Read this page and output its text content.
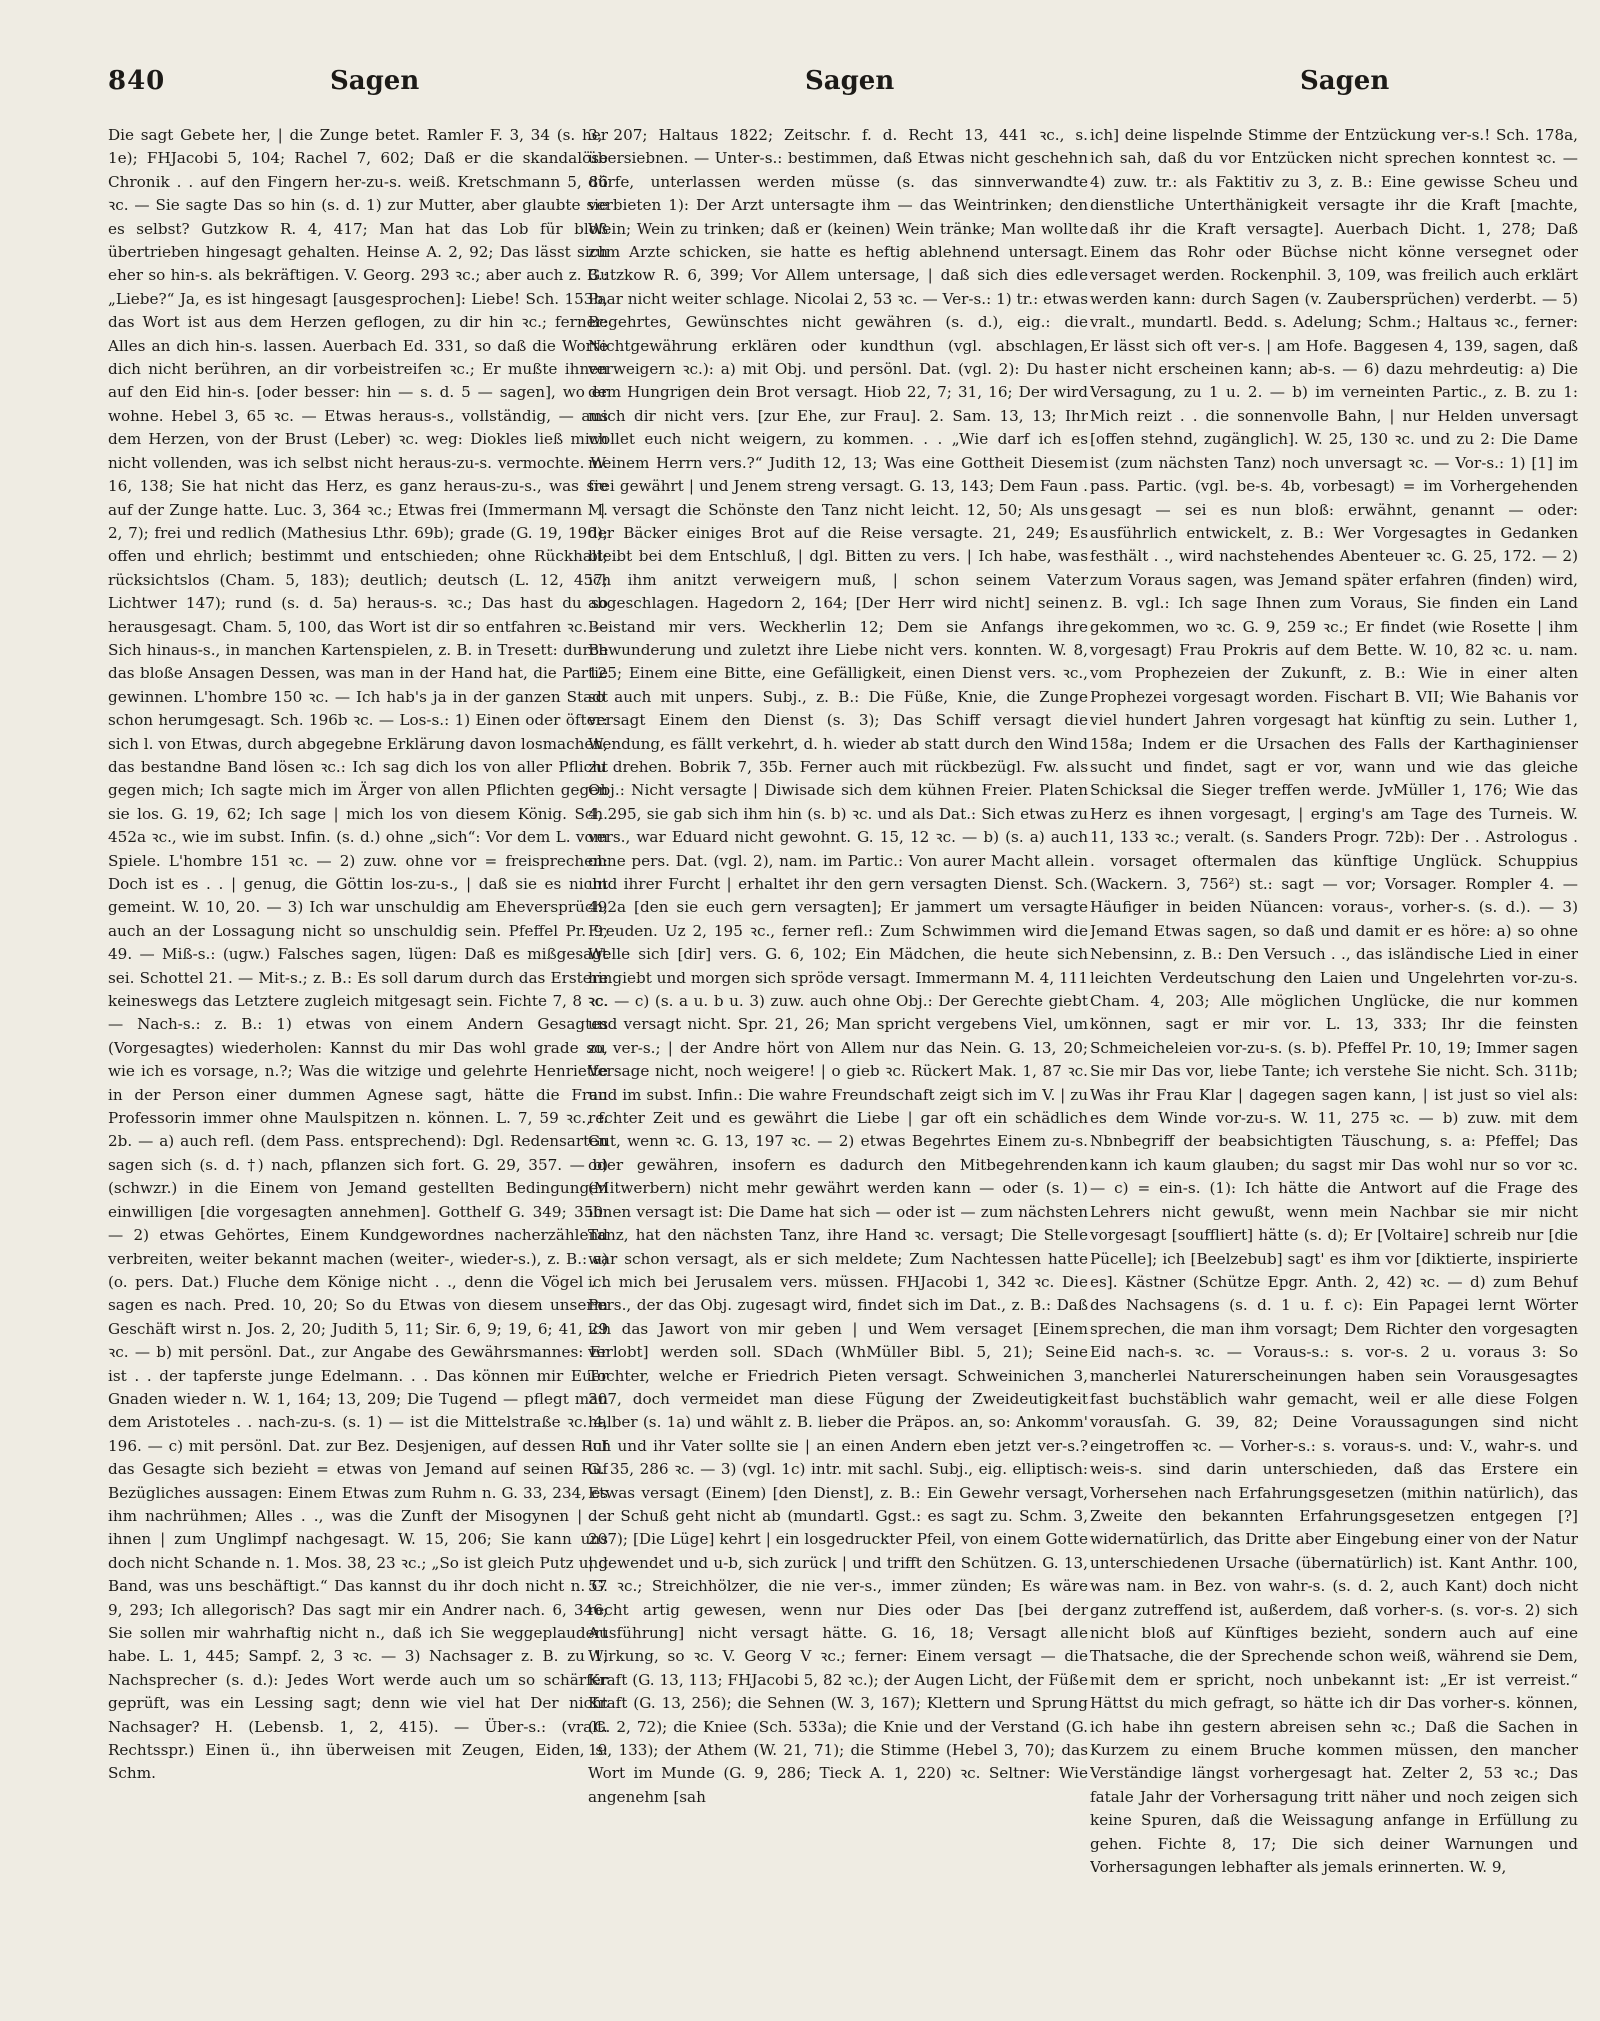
840	Sagen	Sagen	Sagen

Die sagt Gebete her, | die Zunge betet. Ramler F. 3, 34 (s. her 1e); FHJacobi 5, 104; Rachel 7, 602; Daß er die skandalöse Chronik . . auf den Fingern her-zu-s. weiß. Kretschmann 5, 86 ꝛc. — Sie sagte Das so hin (s. d. 1) zur Mutter, aber glaubte sie es selbst? Gutzkow R. 4, 417; Man hat das Lob für bloß übertrieben hingesagt gehalten. Heinse A. 2, 92; Das lässt sich eher so hin-s. als bekräftigen. V. Georg. 293 ꝛc.; aber auch z. B.: „Liebe?“ Ja, es ist hingesagt [ausgesprochen]: Liebe! Sch. 153b, das Wort ist aus dem Herzen geflogen, zu dir hin ꝛc.; ferner: Alles an dich hin-s. lassen. Auerbach Ed. 331, so daß die Worte dich nicht berühren, an dir vorbeistreifen ꝛc.; Er mußte ihnen auf den Eid hin-s. [oder besser: hin — s. d. 5 — sagen], wo er wohne. Hebel 3, 65 ꝛc. — Etwas heraus-s., vollständig, — aus dem Herzen, von der Brust (Leber) ꝛc. weg: Diokles ließ mich nicht vollenden, was ich selbst nicht heraus-zu-s. vermochte. W. 16, 138; Sie hat nicht das Herz, es ganz heraus-zu-s., was sie auf der Zunge hatte. Luc. 3, 364 ꝛc.; Etwas frei (Immermann M. 2, 7); frei und redlich (Mathesius Lthr. 69b); grade (G. 19, 190); offen und ehrlich; bestimmt und entschieden; ohne Rückhalt; rücksichtslos (Cham. 5, 183); deutlich; deutsch (L. 12, 457; Lichtwer 147); rund (s. d. 5a) heraus-s. ꝛc.; Das hast du so herausgesagt. Cham. 5, 100, das Wort ist dir so entfahren ꝛc. — Sich hinaus-s., in manchen Kartenspielen, z. B. in Tresett: durch das bloße Ansagen Dessen, was man in der Hand hat, die Partie gewinnen. L'hombre 150 ꝛc. — Ich hab's ja in der ganzen Stadt schon herumgesagt. Sch. 196b ꝛc. — Los-s.: 1) Einen oder öfter: sich l. von Etwas, durch abgegebne Erklärung davon losmachen, das bestandne Band lösen ꝛc.: Ich sag dich los von aller Pflicht gegen mich; Ich sagte mich im Ärger von allen Pflichten gegen sie los. G. 19, 62; Ich sage | mich los von diesem König. Sch. 452a ꝛc., wie im subst. Infin. (s. d.) ohne „sich“: Vor dem L. vom Spiele. L'hombre 151 ꝛc. — 2) zuw. ohne vor = freisprechen: Doch ist es . . | genug, die Göttin los-zu-s., | daß sie es nicht gemeint. W. 10, 20. — 3) Ich war unschuldig am Eheversprüch, auch an der Lossagung nicht so unschuldig sein. Pfeffel Pr. 9, 49. — Miß-s.: (ugw.) Falsches sagen, lügen: Daß es mißgesagt sei. Schottel 21. — Mit-s.; z. B.: Es soll darum durch das Erstere keineswegs das Letztere zugleich mitgesagt sein. Fichte 7, 8 ꝛc. — Nach-s.: z. B.: 1) etwas von einem Andern Gesagtes (Vorgesagtes) wiederholen: Kannst du mir Das wohl grade so, wie ich es vorsage, n.?; Was die witzige und gelehrte Henriette in der Person einer dummen Agnese sagt, hätte die Frau Professorin immer ohne Maulspitzen n. können. L. 7, 59 ꝛc., f. 2b. — a) auch refl. (dem Pass. entsprechend): Dgl. Redensarten sagen sich (s. d. †) nach, pflanzen sich fort. G. 29, 357. — b) (schwzr.) in die Einem von Jemand gestellten Bedingungen einwilligen [die vorgesagten annehmen]. Gotthelf G. 349; 350. — 2) etwas Gehörtes, Einem Kundgewordnes nacherzählend verbreiten, weiter bekannt machen (weiter-, wieder-s.), z. B.: a) (o. pers. Dat.) Fluche dem Könige nicht . ., denn die Vögel . . sagen es nach. Pred. 10, 20; So du Etwas von diesem unserm Geschäft wirst n. Jos. 2, 20; Judith 5, 11; Sir. 6, 9; 19, 6; 41, 29 ꝛc. — b) mit persönl. Dat., zur Angabe des Gewährsmannes: Er ist . . der tapferste junge Edelmann. . . Das können mir Euer Gnaden wieder n. W. 1, 164; 13, 209; Die Tugend — pflegt man dem Aristoteles . . nach-zu-s. (s. 1) — ist die Mittelstraße ꝛc. 4, 196. — c) mit persönl. Dat. zur Bez. Desjenigen, auf dessen Ruf das Gesagte sich bezieht = etwas von Jemand auf seinen Ruf Bezügliches aussagen: Einem Etwas zum Ruhm n. G. 33, 234, es ihm nachrühmen; Alles . ., was die Zunft der Misogynen | . . ihnen | zum Unglimpf nachgesagt. W. 15, 206; Sie kann uns doch nicht Schande n. 1. Mos. 38, 23 ꝛc.; „So ist gleich Putz und Band, was uns beschäftigt.“ Das kannst du ihr doch nicht n. G. 9, 293; Ich allegorisch? Das sagt mir ein Andrer nach. 6, 346; Sie sollen mir wahrhaftig nicht n., daß ich Sie weggeplaudert habe. L. 1, 445; Sampf. 2, 3 ꝛc. — 3) Nachsager z. B. zu 1, Nachsprecher (s. d.): Jedes Wort werde auch um so schärfer geprüft, was ein Lessing sagt; denn wie viel hat Der nicht Nachsager? H. (Lebensb. 1, 2, 415). — Über-s.: (vralt. Rechtsspr.) Einen ü., ihn überweisen mit Zeugen, Eiden, s. Schm.

3, 207; Haltaus 1822; Zeitschr. f. d. Recht 13, 441 ꝛc., s. übersiebnen. — Unter-s.: bestimmen, daß Etwas nicht geschehn dürfe, unterlassen werden müsse (s. das sinnverwandte verbieten 1): Der Arzt untersagte ihm — das Weintrinken; den Wein; Wein zu trinken; daß er (keinen) Wein tränke; Man wollte zum Arzte schicken, sie hatte es heftig ablehnend untersagt. Gutzkow R. 6, 399; Vor Allem untersage, | daß sich dies edle Paar nicht weiter schlage. Nicolai 2, 53 ꝛc. — Ver-s.: 1) tr.: etwas Begehrtes, Gewünschtes nicht gewähren (s. d.), eig.: die Nichtgewährung erklären oder kundthun (vgl. abschlagen, verweigern ꝛc.): a) mit Obj. und persönl. Dat. (vgl. 2): Du hast dem Hungrigen dein Brot versagt. Hiob 22, 7; 31, 16; Der wird mich dir nicht vers. [zur Ehe, zur Frau]. 2. Sam. 13, 13; Ihr wollet euch nicht weigern, zu kommen. . . „Wie darf ich es meinem Herrn vers.?“ Judith 12, 13; Was eine Gottheit Diesem frei gewährt | und Jenem streng versagt. G. 13, 143; Dem Faun . . | versagt die Schönste den Tanz nicht leicht. 12, 50; Als uns der Bäcker einiges Brot auf die Reise versagte. 21, 249; Es bleibt bei dem Entschluß, | dgl. Bitten zu vers. | Ich habe, was ich ihm anitzt verweigern muß, | schon seinem Vater abgeschlagen. Hagedorn 2, 164; [Der Herr wird nicht] seinen Beistand mir vers. Weckherlin 12; Dem sie Anfangs ihre Bewunderung und zuletzt ihre Liebe nicht vers. konnten. W. 8, 125; Einem eine Bitte, eine Gefälligkeit, einen Dienst vers. ꝛc., so auch mit unpers. Subj., z. B.: Die Füße, Knie, die Zunge versagt Einem den Dienst (s. 3); Das Schiff versagt die Wendung, es fällt verkehrt, d. h. wieder ab statt durch den Wind zu drehen. Bobrik 7, 35b. Ferner auch mit rückbezügl. Fw. als Obj.: Nicht versagte | Diwisade sich dem kühnen Freier. Platen 4, 295, sie gab sich ihm hin (s. b) ꝛc. und als Dat.: Sich etwas zu vers., war Eduard nicht gewohnt. G. 15, 12 ꝛc. — b) (s. a) auch ohne pers. Dat. (vgl. 2), nam. im Partic.: Von aurer Macht allein und ihrer Furcht | erhaltet ihr den gern versagten Dienst. Sch. 492a [den sie euch gern versagten]; Er jammert um versagte Freuden. Uz 2, 195 ꝛc., ferner refl.: Zum Schwimmen wird die Welle sich [dir] vers. G. 6, 102; Ein Mädchen, die heute sich hingiebt und morgen sich spröde versagt. Immermann M. 4, 111 ꝛc. — c) (s. a u. b u. 3) zuw. auch ohne Obj.: Der Gerechte giebt und versagt nicht. Spr. 21, 26; Man spricht vergebens Viel, um zu ver-s.; | der Andre hört von Allem nur das Nein. G. 13, 20; Versage nicht, noch weigere! | o gieb ꝛc. Rückert Mak. 1, 87 ꝛc. und im subst. Infin.: Die wahre Freundschaft zeigt sich im V. | zu rechter Zeit und es gewährt die Liebe | gar oft ein schädlich Gut, wenn ꝛc. G. 13, 197 ꝛc. — 2) etwas Begehrtes Einem zu-s. oder gewähren, insofern es dadurch den Mitbegehrenden (Mitwerbern) nicht mehr gewährt werden kann — oder (s. 1) ihnen versagt ist: Die Dame hat sich — oder ist — zum nächsten Tanz, hat den nächsten Tanz, ihre Hand ꝛc. versagt; Die Stelle war schon versagt, als er sich meldete; Zum Nachtessen hatte ich mich bei Jerusalem vers. müssen. FHJacobi 1, 342 ꝛc. Die Pers., der das Obj. zugesagt wird, findet sich im Dat., z. B.: Daß ich das Jawort von mir geben | und Wem versaget [Einem verlobt] werden soll. SDach (WhMüller Bibl. 5, 21); Seine Tochter, welche er Friedrich Pieten versagt. Schweinichen 3, 307, doch vermeidet man diese Fügung der Zweideutigkeit halber (s. 1a) und wählt z. B. lieber die Präpos. an, so: Ankomm' ich und ihr Vater sollte sie | an einen Andern eben jetzt ver-s.? G. 35, 286 ꝛc. — 3) (vgl. 1c) intr. mit sachl. Subj., eig. elliptisch: Etwas versagt (Einem) [den Dienst], z. B.: Ein Gewehr versagt, der Schuß geht nicht ab (mundartl. Ggst.: es sagt zu. Schm. 3, 207); [Die Lüge] kehrt | ein losgedruckter Pfeil, von einem Gotte | gewendet und u-b, sich zurück | und trifft den Schützen. G. 13, 57 ꝛc.; Streichhölzer, die nie ver-s., immer zünden; Es wäre recht artig gewesen, wenn nur Dies oder Das [bei der Ausführung] nicht versagt hätte. G. 16, 18; Versagt alle Wirkung, so ꝛc. V. Georg V ꝛc.; ferner: Einem versagt — die Kraft (G. 13, 113; FHJacobi 5, 82 ꝛc.); der Augen Licht, der Füße Kraft (G. 13, 256); die Sehnen (W. 3, 167); Klettern und Sprung (G. 2, 72); die Kniee (Sch. 533a); die Knie und der Verstand (G. 19, 133); der Athem (W. 21, 71); die Stimme (Hebel 3, 70); das Wort im Munde (G. 9, 286; Tieck A. 1, 220) ꝛc. Seltner: Wie angenehm [sah

ich] deine lispelnde Stimme der Entzückung ver-s.! Sch. 178a, ich sah, daß du vor Entzücken nicht sprechen konntest ꝛc. — 4) zuw. tr.: als Faktitiv zu 3, z. B.: Eine gewisse Scheu und dienstliche Unterthänigkeit versagte ihr die Kraft [machte, daß ihr die Kraft versagte]. Auerbach Dicht. 1, 278; Daß Einem das Rohr oder Büchse nicht könne versegnet oder versaget werden. Rockenphil. 3, 109, was freilich auch erklärt werden kann: durch Sagen (v. Zaubersprüchen) verderbt. — 5) vralt., mundartl. Bedd. s. Adelung; Schm.; Haltaus ꝛc., ferner: Er lässt sich oft ver-s. | am Hofe. Baggesen 4, 139, sagen, daß er nicht erscheinen kann; ab-s. — 6) dazu mehrdeutig: a) Die Versagung, zu 1 u. 2. — b) im verneinten Partic., z. B. zu 1: Mich reizt . . die sonnenvolle Bahn, | nur Helden unversagt [offen stehnd, zugänglich]. W. 25, 130 ꝛc. und zu 2: Die Dame ist (zum nächsten Tanz) noch unversagt ꝛc. — Vor-s.: 1) [1] im pass. Partic. (vgl. be-s. 4b, vorbesagt) = im Vorhergehenden gesagt — sei es nun bloß: erwähnt, genannt — oder: ausführlich entwickelt, z. B.: Wer Vorgesagtes in Gedanken festhält . ., wird nachstehendes Abenteuer ꝛc. G. 25, 172. — 2) zum Voraus sagen, was Jemand später erfahren (finden) wird, z. B. vgl.: Ich sage Ihnen zum Voraus, Sie finden ein Land gekommen, wo ꝛc. G. 9, 259 ꝛc.; Er findet (wie Rosette | ihm vorgesagt) Frau Prokris auf dem Bette. W. 10, 82 ꝛc. u. nam. vom Prophezeien der Zukunft, z. B.: Wie in einer alten Prophezei vorgesagt worden. Fischart B. VII; Wie Bahanis vor viel hundert Jahren vorgesagt hat künftig zu sein. Luther 1, 158a; Indem er die Ursachen des Falls der Karthaginienser sucht und findet, sagt er vor, wann und wie das gleiche Schicksal die Sieger treffen werde. JvMüller 1, 176; Wie das Herz es ihnen vorgesagt, | erging's am Tage des Turneis. W. 11, 133 ꝛc.; veralt. (s. Sanders Progr. 72b): Der . . Astrologus . . vorsaget oftermalen das künftige Unglück. Schuppius (Wackern. 3, 756²) st.: sagt — vor; Vorsager. Rompler 4. — Häufiger in beiden Nüancen: voraus-, vorher-s. (s. d.). — 3) Jemand Etwas sagen, so daß und damit er es höre: a) so ohne Nebensinn, z. B.: Den Versuch . ., das isländische Lied in einer leichten Verdeutschung den Laien und Ungelehrten vor-zu-s. Cham. 4, 203; Alle möglichen Unglücke, die nur kommen können, sagt er mir vor. L. 13, 333; Ihr die feinsten Schmeicheleien vor-zu-s. (s. b). Pfeffel Pr. 10, 19; Immer sagen Sie mir Das vor, liebe Tante; ich verstehe Sie nicht. Sch. 311b; Was ihr Frau Klar | dagegen sagen kann, | ist just so viel als: es dem Winde vor-zu-s. W. 11, 275 ꝛc. — b) zuw. mit dem Nbnbegriff der beabsichtigten Täuschung, s. a: Pfeffel; Das kann ich kaum glauben; du sagst mir Das wohl nur so vor ꝛc. — c) = ein-s. (1): Ich hätte die Antwort auf die Frage des Lehrers nicht gewußt, wenn mein Nachbar sie mir nicht vorgesagt [souffliert] hätte (s. d); Er [Voltaire] schreib nur [die Pücelle]; ich [Beelzebub] sagt' es ihm vor [diktierte, inspirierte es]. Kästner (Schütze Epgr. Anth. 2, 42) ꝛc. — d) zum Behuf des Nachsagens (s. d. 1 u. f. c): Ein Papagei lernt Wörter sprechen, die man ihm vorsagt; Dem Richter den vorgesagten Eid nach-s. ꝛc. — Voraus-s.: s. vor-s. 2 u. voraus 3: So mancherlei Naturerscheinungen haben sein Vorausgesagtes fast buchstäblich wahr gemacht, weil er alle diese Folgen vorausſah. G. 39, 82; Deine Voraussagungen sind nicht eingetroffen ꝛc. — Vorher-s.: s. voraus-s. und: V., wahr-s. und weis-s. sind darin unterschieden, daß das Erstere ein Vorhersehen nach Erfahrungsgesetzen (mithin natürlich), das Zweite den bekannten Erfahrungsgesetzen entgegen [?] widernatürlich, das Dritte aber Eingebung einer von der Natur unterschiedenen Ursache (übernatürlich) ist. Kant Anthr. 100, was nam. in Bez. von wahr-s. (s. d. 2, auch Kant) doch nicht ganz zutreffend ist, außerdem, daß vorher-s. (s. vor-s. 2) sich nicht bloß auf Künftiges bezieht, sondern auch auf eine Thatsache, die der Sprechende schon weiß, während sie Dem, mit dem er spricht, noch unbekannt ist: „Er ist verreist.“ Hättst du mich gefragt, so hätte ich dir Das vorher-s. können, ich habe ihn gestern abreisen sehn ꝛc.; Daß die Sachen in Kurzem zu einem Bruche kommen müssen, den mancher Verständige längst vorhergesagt hat. Zelter 2, 53 ꝛc.; Das fatale Jahr der Vorhersagung tritt näher und noch zeigen sich keine Spuren, daß die Weissagung anfange in Erfüllung zu gehen. Fichte 8, 17; Die sich deiner Warnungen und Vorhersagungen lebhafter als jemals erinnerten. W. 9,
